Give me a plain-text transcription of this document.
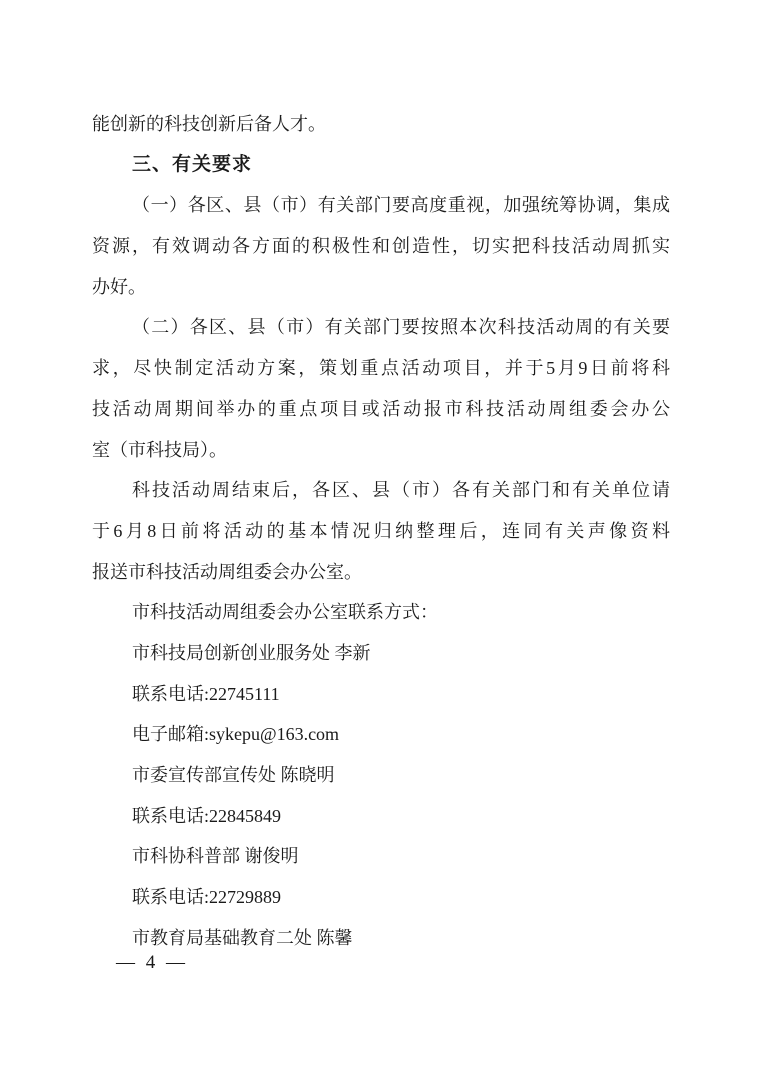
能创新的科技创新后备人才。
三、有关要求
（一）各区、县（市）有关部门要高度重视，加强统筹协调，集成
资源，有效调动各方面的积极性和创造性，切实把科技活动周抓实
办好。
（二）各区、县（市）有关部门要按照本次科技活动周的有关要
求，尽快制定活动方案，策划重点活动项目，并于5月9日前将科
技活动周期间举办的重点项目或活动报市科技活动周组委会办公
室（市科技局）。
科技活动周结束后，各区、县（市）各有关部门和有关单位请
于6月8日前将活动的基本情况归纳整理后，连同有关声像资料
报送市科技活动周组委会办公室。
市科技活动周组委会办公室联系方式：
市科技局创新创业服务处 李新
联系电话:22745111
电子邮箱:sykepu@163.com
市委宣传部宣传处 陈晓明
联系电话:22845849
市科协科普部 谢俊明
联系电话:22729889
市教育局基础教育二处 陈馨
— 4 —
